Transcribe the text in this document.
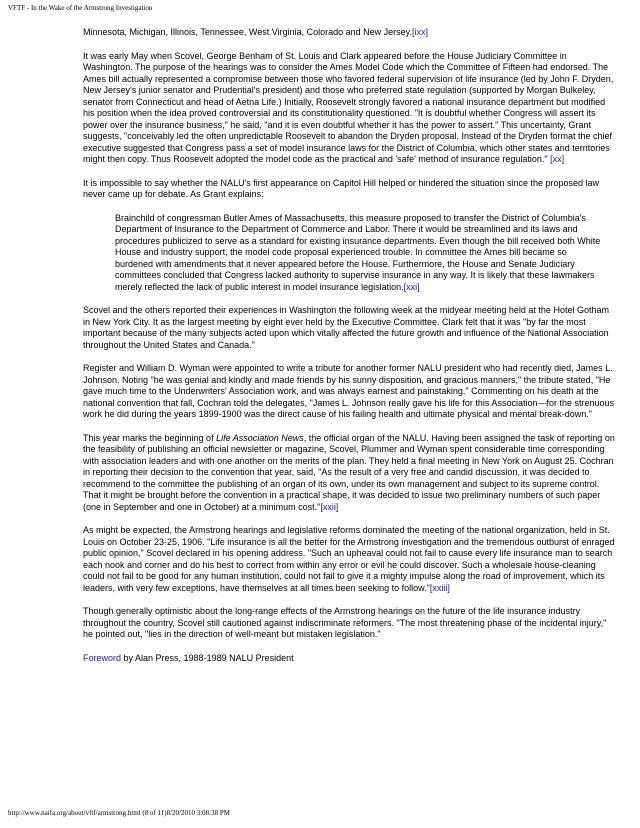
VFTF - In the Wake of the Armstrong Investigation

Minnesota, Michigan, Illinois, Tennessee, West Virginia, Colorado and New Jersey.[ixx]

It was early May when Scovel, George Benham of St. Louis and Clark appeared before the House Judiciary Committee in Washington. The purpose of the hearings was to consider the Ames Model Code which the Committee of Fifteen had endorsed. The Ames bill actually represented a compromise between those who favored federal supervision of life insurance (led by John F. Dryden, New Jersey's junior senator and Prudential's president) and those who preferred state regulation (supported by Morgan Bulkeley, senator from Connecticut and head of Aetna Life.) Initially, Roosevelt strongly favored a national insurance department but modified his position when the idea proved controversial and its constitutionality questioned. "It is doubtful whether Congress will assert its power over the insurance business," he said, "and it is even doubtful whether it has the power to assert." This uncertainty, Grant suggests, "conceivably led the often unpredictable Roosevelt to abandon the Dryden proposal. Instead of the Dryden format the chief executive suggested that Congress pass a set of model insurance laws for the District of Columbia, which other states and territories might then copy. Thus Roosevelt adopted the model code as the practical and 'safe' method of insurance regulation." [xx]

It is impossible to say whether the NALU's first appearance on Capitol Hill helped or hindered the situation since the proposed law never came up for debate. As Grant explains:

Brainchild of congressman Butler Ames of Massachusetts, this measure proposed to transfer the District of Columbia's Department of Insurance to the Department of Commerce and Labor. There it would be streamlined and its laws and procedures publicized to serve as a standard for existing insurance departments. Even though the bill received both White House and industry support, the model code proposal experienced trouble. In committee the Ames bill became so burdened with amendments that it never appeared before the House. Furthermore, the House and Senate Judiciary committees concluded that Congress lacked authority to supervise insurance in any way. It is likely that these lawmakers merely reflected the lack of public interest in model insurance legislation.[xxi]

Scovel and the others reported their experiences in Washington the following week at the midyear meeting held at the Hotel Gotham in New York City. It as the largest meeting by eight ever held by the Executive Committee. Clark felt that it was "by far the most important because of the many subjects acted upon which vitally affected the future growth and influence of the National Association throughout the United States and Canada."

Register and William D. Wyman were appointed to write a tribute for another former NALU president who had recently died, James L. Johnson. Noting "he was genial and kindly and made friends by his sunny disposition, and gracious manners," the tribute stated, "He gave much time to the Underwriters' Association work, and was always earnest and painstaking." Commenting on his death at the national convention that fall, Cochran told the delegates, "James L. Johnson really gave his life for this Association—for the strenuous work he did during the years 1899-1900 was the direct cause of his failing health and ultimate physical and mental break-down."

This year marks the beginning of Life Association News, the official organ of the NALU. Having been assigned the task of reporting on the feasibility of publishing an official newsletter or magazine, Scovel, Plummer and Wyman spent considerable time corresponding with association leaders and with one another on the merits of the plan. They held a final meeting in New York on August 25. Cochran in reporting their decision to the convention that year, said, "As the result of a very free and candid discussion, it was decided to recommend to the committee the publishing of an organ of its own, under its own management and subject to its supreme control. That it might be brought before the convention in a practical shape, it was decided to issue two preliminary numbers of such paper (one in September and one in October) at a minimum cost."[xxii]

As might be expected, the Armstrong hearings and legislative reforms dominated the meeting of the national organization, held in St. Louis on October 23-25, 1906. "Life insurance is all the better for the Armstrong investigation and the tremendous outburst of enraged public opinion," Scovel declared in his opening address. "Such an upheaval could not fail to cause every life insurance man to search each nook and corner and do his best to correct from within any error or evil he could discover. Such a wholesale house-cleaning could not fail to be good for any human institution, could not fail to give it a mighty impulse along the road of improvement, which its leaders, with very few exceptions, have themselves at all times been seeking to follow."[xxiii]

Though generally optimistic about the long-range effects of the Armstrong hearings on the future of the life insurance industry throughout the country, Scovel still cautioned against indiscriminate reformers. "The most threatening phase of the incidental injury," he pointed out, "lies in the direction of well-meant but mistaken legislation."

Foreword by Alan Press, 1988-1989 NALU President

http://www.naifa.org/about/vftf/armstrong.html (8 of 11)8/20/2010 3:08:38 PM
